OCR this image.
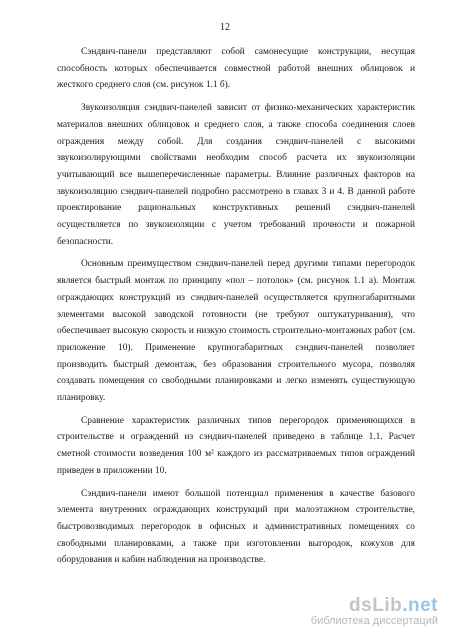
12

Сэндвич-панели представляют собой самонесущие конструкции, несущая способность которых обеспечивается совместной работой внешних облицовок и жесткого среднего слоя (см. рисунок 1.1 б).

Звукоизоляция сэндвич-панелей зависит от физико-механических характеристик материалов внешних облицовок и среднего слоя, а также способа соединения слоев ограждения между собой. Для создания сэндвич-панелей с высокими звукоизолирующими свойствами необходим способ расчета их звукоизоляции учитывающий все вышеперечисленные параметры. Влияние различных факторов на звукоизоляцию сэндвич-панелей подробно рассмотрено в главах 3 и 4. В данной работе проектирование рациональных конструктивных решений сэндвич-панелей осуществляется по звукоизоляции с учетом требований прочности и пожарной безопасности.

Основным преимуществом сэндвич-панелей перед другими типами перегородок является быстрый монтаж по принципу «пол – потолок» (см. рисунок 1.1 а). Монтаж ограждающих конструкций из сэндвич-панелей осуществляется крупногабаритными элементами высокой заводской готовности (не требуют оштукатуривания), что обеспечивает высокую скорость и низкую стоимость строительно-монтажных работ (см. приложение 10). Применение крупногабаритных сэндвич-панелей позволяет производить быстрый демонтаж, без образования строительного мусора, позволяя создавать помещения со свободными планировками и легко изменять существующую планировку.

Сравнение характеристик различных типов перегородок применяющихся в строительстве и ограждений из сэндвич-панелей приведено в таблице 1.1. Расчет сметной стоимости возведения 100 м² каждого из рассматриваемых типов ограждений приведен в приложении 10.

Сэндвич-панели имеют большой потенциал применения в качестве базового элемента внутренних ограждающих конструкций при малоэтажном строительстве, быстровозводимых перегородок в офисных и административных помещениях со свободными планировками, а также при изготовлении выгородок, кожухов для оборудования и кабин наблюдения на производстве.

dsLib.net
библиотека диссертаций
